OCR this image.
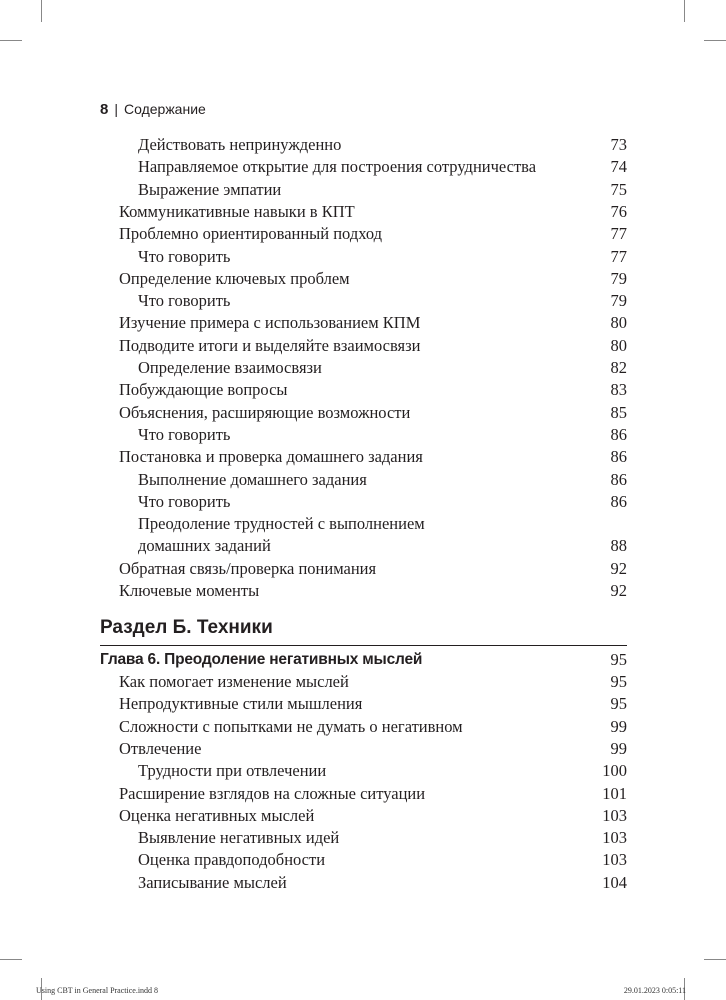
8 | Содержание
Действовать непринужденно	73
Направляемое открытие для построения сотрудничества	74
Выражение эмпатии	75
Коммуникативные навыки в КПТ	76
Проблемно ориентированный подход	77
Что говорить	77
Определение ключевых проблем	79
Что говорить	79
Изучение примера с использованием КПМ	80
Подводите итоги и выделяйте взаимосвязи	80
Определение взаимосвязи	82
Побуждающие вопросы	83
Объяснения, расширяющие возможности	85
Что говорить	86
Постановка и проверка домашнего задания	86
Выполнение домашнего задания	86
Что говорить	86
Преодоление трудностей с выполнением
домашних заданий	88
Обратная связь/проверка понимания	92
Ключевые моменты	92
Раздел Б. Техники
Глава 6. Преодоление негативных мыслей	95
Как помогает изменение мыслей	95
Непродуктивные стили мышления	95
Сложности с попытками не думать о негативном	99
Отвлечение	99
Трудности при отвлечении	100
Расширение взглядов на сложные ситуации	101
Оценка негативных мыслей	103
Выявление негативных идей	103
Оценка правдоподобности	103
Записывание мыслей	104
Using CBT in General Practice.indd 8	29.01.2023 0:05:11
